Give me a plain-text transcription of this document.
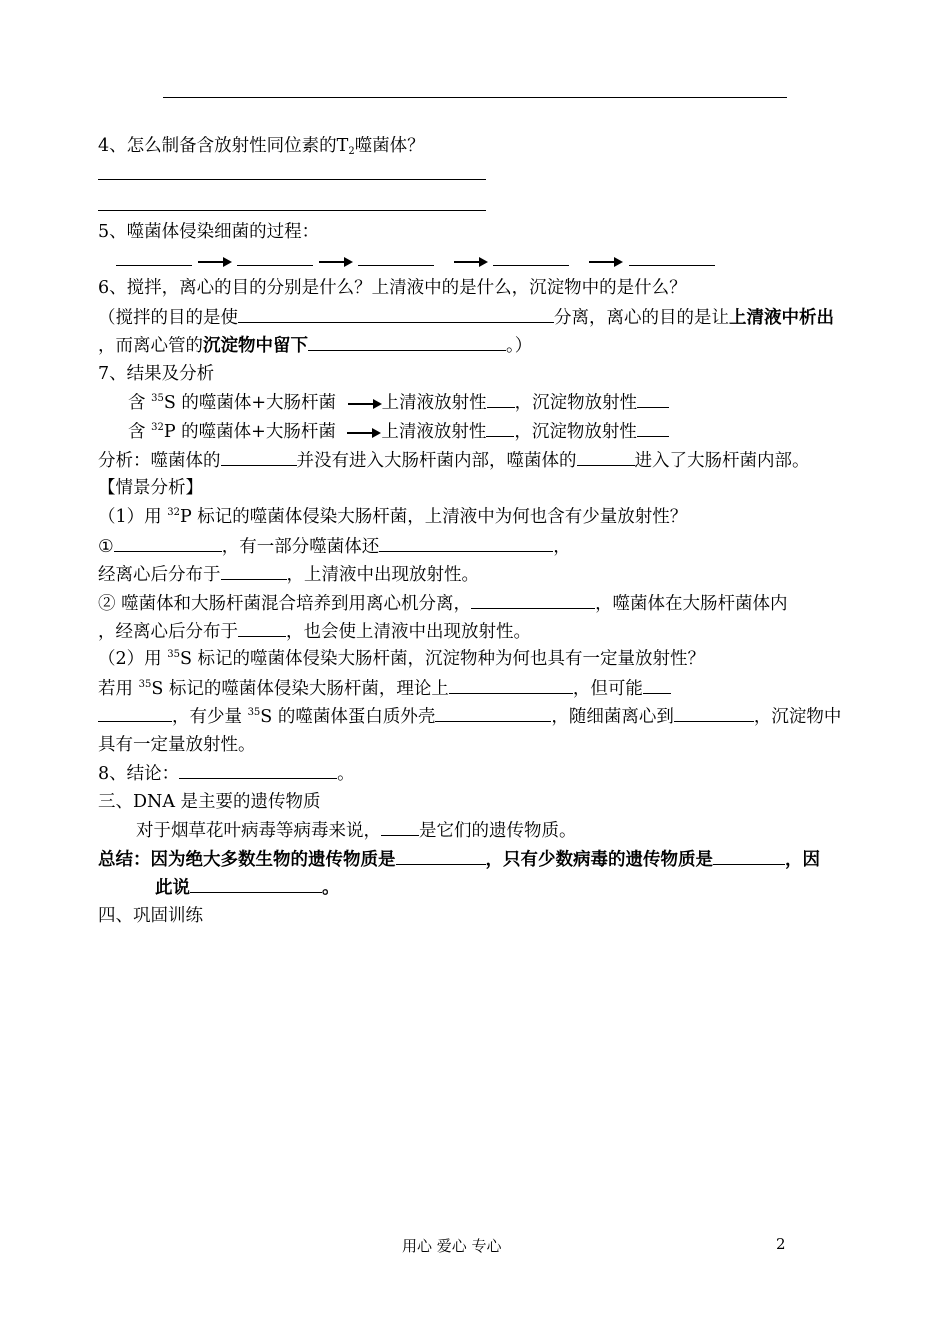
4、怎么制备含放射性同位素的$T_2$噬菌体？
5、噬菌体侵染细菌的过程：

6、搅拌，离心的目的分别是什么？上清液中的是什么，沉淀物中的是什么？
（搅拌的目的是使	分离，离心的目的是让上清液中析出
，而离心管的沉淀物中留下	。）
7、结果及分析
含 $^{35}$S 的噬菌体+大肠杆菌	上清液放射性 ，沉淀物放射性
含 $^{32}$P 的噬菌体+大肠杆菌	上清液放射性 ，沉淀物放射性
分析：噬菌体的	并没有进入大肠杆菌内部，噬菌体的	进入了大肠杆菌内部。
【情景分析】
（1）用 $^{32}$P 标记的噬菌体侵染大肠杆菌，上清液中为何也含有少量放射性？
①	，有一部分噬菌体还	，
经离心后分布于	，上清液中出现放射性。
② 噬菌体和大肠杆菌混合培养到用离心机分离，	，噬菌体在大肠杆菌体内
，经离心后分布于	，也会使上清液中出现放射性。
（2）用 $^{35}$S 标记的噬菌体侵染大肠杆菌，沉淀物种为何也具有一定量放射性？
若用 $^{35}$S 标记的噬菌体侵染大肠杆菌，理论上	，但可能
，有少量 $^{35}$S 的噬菌体蛋白质外壳	，随细菌离心到	，沉淀物中
具有一定量放射性。
8、结论：	。
三、DNA 是主要的遗传物质
对于烟草花叶病毒等病毒来说， 是它们的遗传物质。
总结：因为绝大多数生物的遗传物质是	，只有少数病毒的遗传物质是	，因
此说	。
四、巩固训练
用心 爱心 专心	2
